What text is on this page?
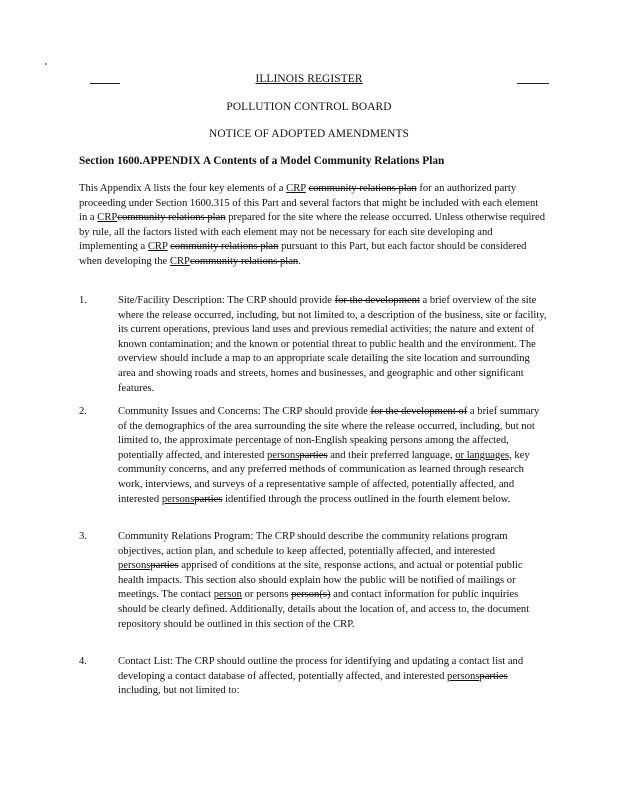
ILLINOIS REGISTER
POLLUTION CONTROL BOARD
NOTICE OF ADOPTED AMENDMENTS
Section 1600.APPENDIX A Contents of a Model Community Relations Plan
This Appendix A lists the four key elements of a CRP community relations plan for an authorized party proceeding under Section 1600.315 of this Part and several factors that might be included with each element in a CRPcommunity relations plan prepared for the site where the release occurred. Unless otherwise required by rule, all the factors listed with each element may not be necessary for each site developing and implementing a CRP community relations plan pursuant to this Part, but each factor should be considered when developing the CRPcommunity relations plan.
1.	Site/Facility Description: The CRP should provide for the development a brief overview of the site where the release occurred, including, but not limited to, a description of the business, site or facility, its current operations, previous land uses and previous remedial activities; the nature and extent of known contamination; and the known or potential threat to public health and the environment. The overview should include a map to an appropriate scale detailing the site location and surrounding area and showing roads and streets, homes and businesses, and geographic and other significant features.
2.	Community Issues and Concerns: The CRP should provide for the development of a brief summary of the demographics of the area surrounding the site where the release occurred, including, but not limited to, the approximate percentage of non-English speaking persons among the affected, potentially affected, and interested personsparties and their preferred language, or languages, key community concerns, and any preferred methods of communication as learned through research work, interviews, and surveys of a representative sample of affected, potentially affected, and interested personsparties identified through the process outlined in the fourth element below.
3.	Community Relations Program: The CRP should describe the community relations program objectives, action plan, and schedule to keep affected, potentially affected, and interested personsparties apprised of conditions at the site, response actions, and actual or potential public health impacts. This section also should explain how the public will be notified of mailings or meetings. The contact person or persons person(s) and contact information for public inquiries should be clearly defined. Additionally, details about the location of, and access to, the document repository should be outlined in this section of the CRP.
4.	Contact List: The CRP should outline the process for identifying and updating a contact list and developing a contact database of affected, potentially affected, and interested personsparties including, but not limited to:
